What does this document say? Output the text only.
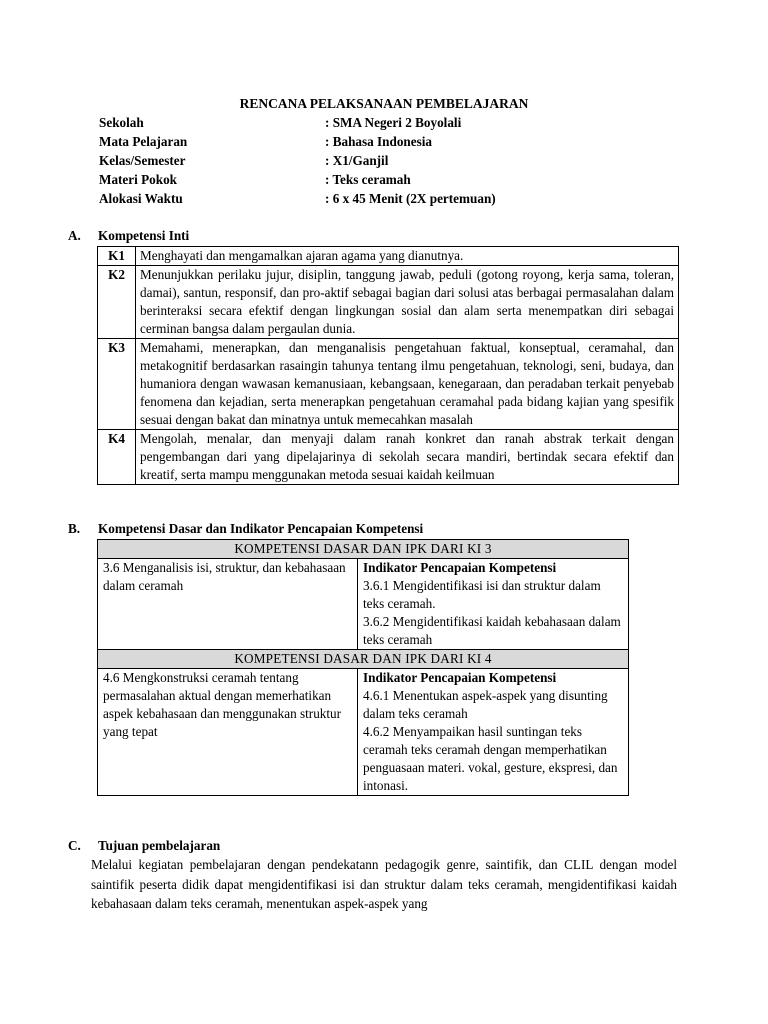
RENCANA PELAKSANAAN PEMBELAJARAN
Sekolah	: SMA Negeri 2 Boyolali
Mata Pelajaran	: Bahasa Indonesia
Kelas/Semester	: X1/Ganjil
Materi Pokok	: Teks ceramah
Alokasi Waktu	: 6 x 45 Menit (2X pertemuan)
A. Kompetensi Inti
K1	Menghayati dan mengamalkan ajaran agama yang dianutnya.
K2	Menunjukkan perilaku jujur, disiplin, tanggung jawab, peduli (gotong royong, kerja sama, toleran, damai), santun, responsif, dan pro-aktif sebagai bagian dari solusi atas berbagai permasalahan dalam berinteraksi secara efektif dengan lingkungan sosial dan alam serta menempatkan diri sebagai cerminan bangsa dalam pergaulan dunia.
K3	Memahami, menerapkan, dan menganalisis pengetahuan faktual, konseptual, ceramahal, dan metakognitif berdasarkan rasaingin tahunya tentang ilmu pengetahuan, teknologi, seni, budaya, dan humaniora dengan wawasan kemanusiaan, kebangsaan, kenegaraan, dan peradaban terkait penyebab fenomena dan kejadian, serta menerapkan pengetahuan ceramahal pada bidang kajian yang spesifik sesuai dengan bakat dan minatnya untuk memecahkan masalah
K4	Mengolah, menalar, dan menyaji dalam ranah konkret dan ranah abstrak terkait dengan pengembangan dari yang dipelajarinya di sekolah secara mandiri, bertindak secara efektif dan kreatif, serta mampu menggunakan metoda sesuai kaidah keilmuan
B. Kompetensi Dasar dan Indikator Pencapaian Kompetensi
KOMPETENSI DASAR DAN IPK DARI KI 3	
3.6 Menganalisis isi, struktur, dan kebahasaan dalam ceramah	Indikator Pencapaian Kompetensi
3.6.1 Mengidentifikasi isi dan struktur dalam teks ceramah.
3.6.2 Mengidentifikasi kaidah kebahasaan dalam teks ceramah

KOMPETENSI DASAR DAN IPK DARI KI 4	
4.6 Mengkonstruksi ceramah tentang permasalahan aktual dengan memerhatikan aspek kebahasaan dan menggunakan struktur yang tepat	Indikator Pencapaian Kompetensi
4.6.1 Menentukan aspek-aspek yang disunting dalam teks ceramah
4.6.2 Menyampaikan hasil suntingan teks ceramah teks ceramah dengan memperhatikan penguasaan materi. vokal, gesture, ekspresi, dan intonasi.
C. Tujuan pembelajaran
Melalui kegiatan pembelajaran dengan pendekatann pedagogik genre, saintifik, dan CLIL dengan model saintifik peserta didik dapat mengidentifikasi isi dan struktur dalam teks ceramah, mengidentifikasi kaidah kebahasaan dalam teks ceramah, menentukan aspek-aspek yang
